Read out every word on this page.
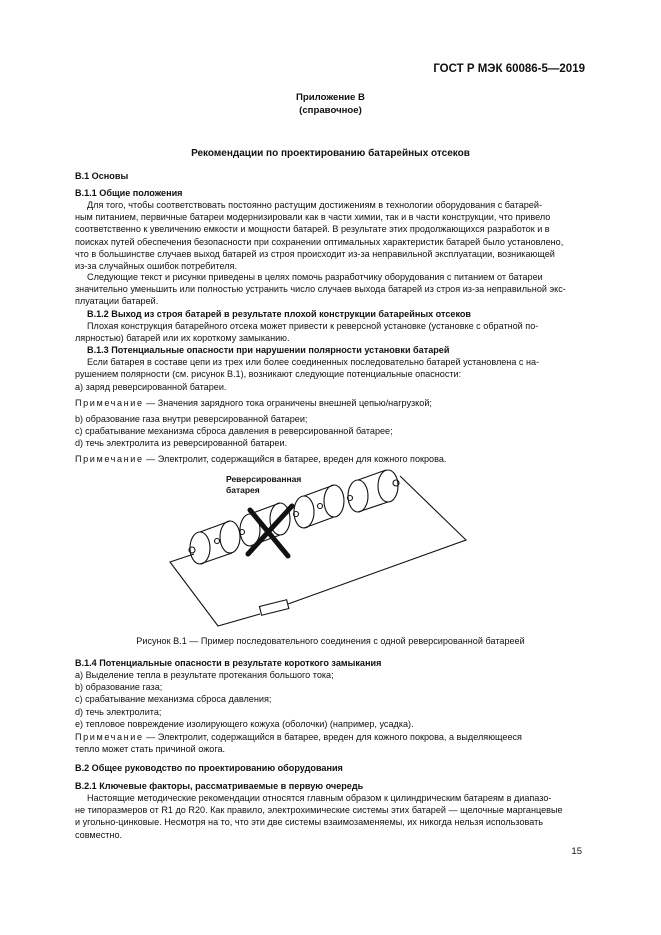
ГОСТ Р МЭК 60086-5—2019
Приложение В
(справочное)
Рекомендации по проектированию батарейных отсеков
В.1 Основы
В.1.1 Общие положения
Для того, чтобы соответствовать постоянно растущим достижениям в технологии оборудования с батарей-
ным питанием, первичные батареи модернизировали как в части химии, так и в части конструкции, что привело
соответственно к увеличению емкости и мощности батарей. В результате этих продолжающихся разработок и в
поисках путей обеспечения безопасности при сохранении оптимальных характеристик батарей было установлено,
что в большинстве случаев выход батарей из строя происходит из-за неправильной эксплуатации, возникающей
из-за случайных ошибок потребителя.
Следующие текст и рисунки приведены в целях помочь разработчику оборудования с питанием от батареи
значительно уменьшить или полностью устранить число случаев выхода батарей из строя из-за неправильной экс-
плуатации батарей.
В.1.2 Выход из строя батарей в результате плохой конструкции батарейных отсеков
Плохая конструкция батарейного отсека может привести к реверсной установке (установке с обратной по-
лярностью) батарей или их короткому замыканию.
В.1.3 Потенциальные опасности при нарушении полярности установки батарей
Если батарея в составе цепи из трех или более соединенных последовательно батарей установлена с на-
рушением полярности (см. рисунок В.1), возникают следующие потенциальные опасности:
a) заряд реверсированной батареи.
Примечание — Значения зарядного тока ограничены внешней цепью/нагрузкой;
b) образование газа внутри реверсированной батареи;
c) срабатывание механизма сброса давления в реверсированной батарее;
d) течь электролита из реверсированной батареи.
Примечание — Электролит, содержащийся в батарее, вреден для кожного покрова.
Реверсированная
батарея
Рисунок В.1 — Пример последовательного соединения с одной реверсированной батареей
В.1.4 Потенциальные опасности в результате короткого замыкания
a) Выделение тепла в результате протекания большого тока;
b) образование газа;
c) срабатывание механизма сброса давления;
d) течь электролита;
e) тепловое повреждение изолирующего кожуха (оболочки) (например, усадка).
Примечание — Электролит, содержащийся в батарее, вреден для кожного покрова, а выделяющееся
тепло может стать причиной ожога.
В.2 Общее руководство по проектированию оборудования
В.2.1 Ключевые факторы, рассматриваемые в первую очередь
Настоящие методические рекомендации относятся главным образом к цилиндрическим батареям в диапазо-
не типоразмеров от R1 до R20. Как правило, электрохимические системы этих батарей — щелочные марганцевые
и угольно-цинковые. Несмотря на то, что эти две системы взаимозаменяемы, их никогда нельзя использовать
совместно.
15
